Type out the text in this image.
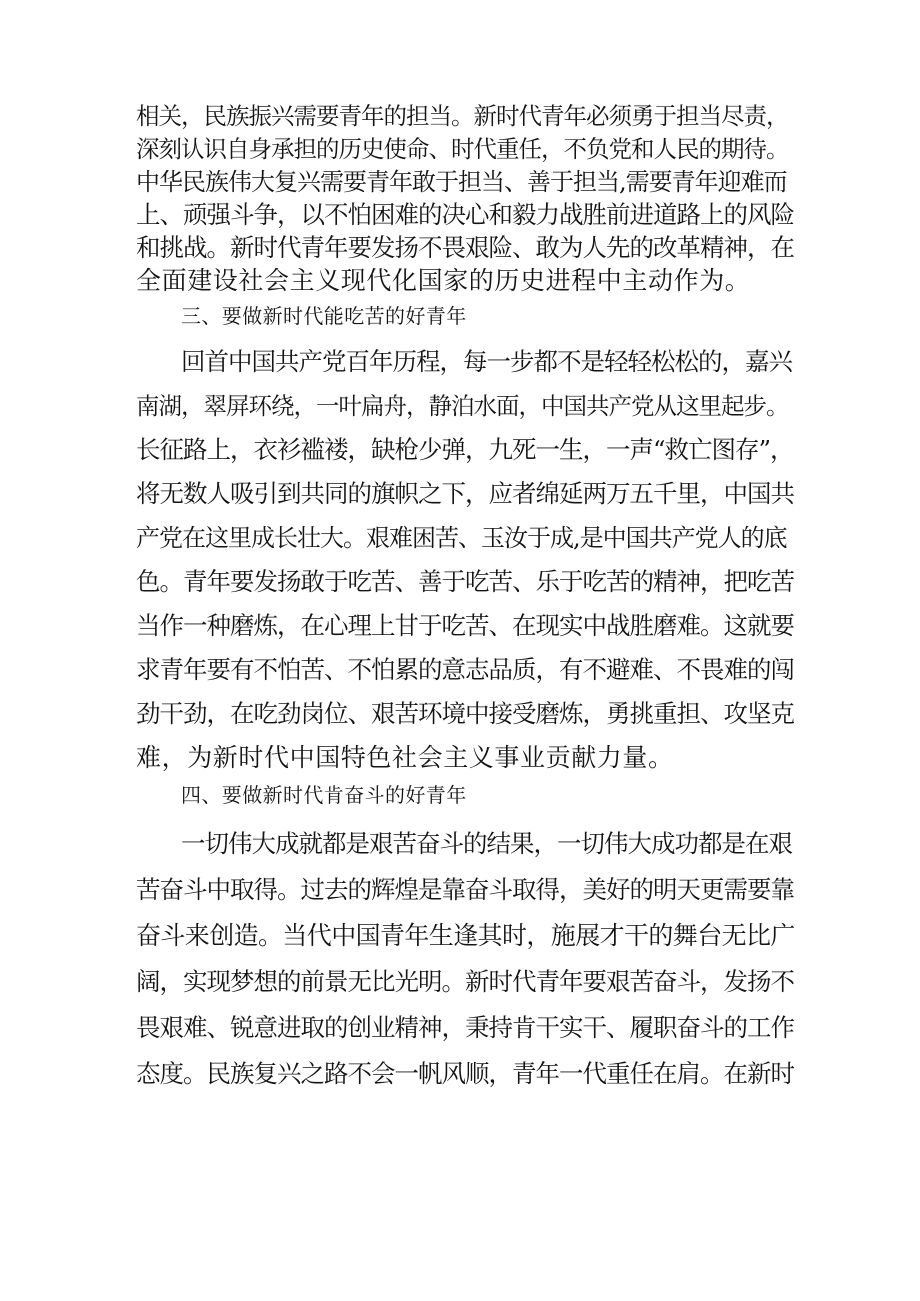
相关，民族振兴需要青年的担当。新时代青年必须勇于担当尽责，
深刻认识自身承担的历史使命、时代重任，不负党和人民的期待。
中华民族伟大复兴需要青年敢于担当、善于担当,需要青年迎难而
上、顽强斗争，以不怕困难的决心和毅力战胜前进道路上的风险
和挑战。新时代青年要发扬不畏艰险、敢为人先的改革精神，在
全面建设社会主义现代化国家的历史进程中主动作为。
三、要做新时代能吃苦的好青年
回首中国共产党百年历程，每一步都不是轻轻松松的，嘉兴
南湖，翠屏环绕，一叶扁舟，静泊水面，中国共产党从这里起步。
长征路上，衣衫褴褛，缺枪少弹，九死一生，一声“救亡图存”，
将无数人吸引到共同的旗帜之下，应者绵延两万五千里，中国共
产党在这里成长壮大。艰难困苦、玉汝于成,是中国共产党人的底
色。青年要发扬敢于吃苦、善于吃苦、乐于吃苦的精神，把吃苦
当作一种磨炼，在心理上甘于吃苦、在现实中战胜磨难。这就要
求青年要有不怕苦、不怕累的意志品质，有不避难、不畏难的闯
劲干劲，在吃劲岗位、艰苦环境中接受磨炼，勇挑重担、攻坚克
难，为新时代中国特色社会主义事业贡献力量。
四、要做新时代肯奋斗的好青年
一切伟大成就都是艰苦奋斗的结果，一切伟大成功都是在艰
苦奋斗中取得。过去的辉煌是靠奋斗取得，美好的明天更需要靠
奋斗来创造。当代中国青年生逢其时，施展才干的舞台无比广
阔，实现梦想的前景无比光明。新时代青年要艰苦奋斗，发扬不
畏艰难、锐意进取的创业精神，秉持肯干实干、履职奋斗的工作
态度。民族复兴之路不会一帆风顺，青年一代重任在肩。在新时
